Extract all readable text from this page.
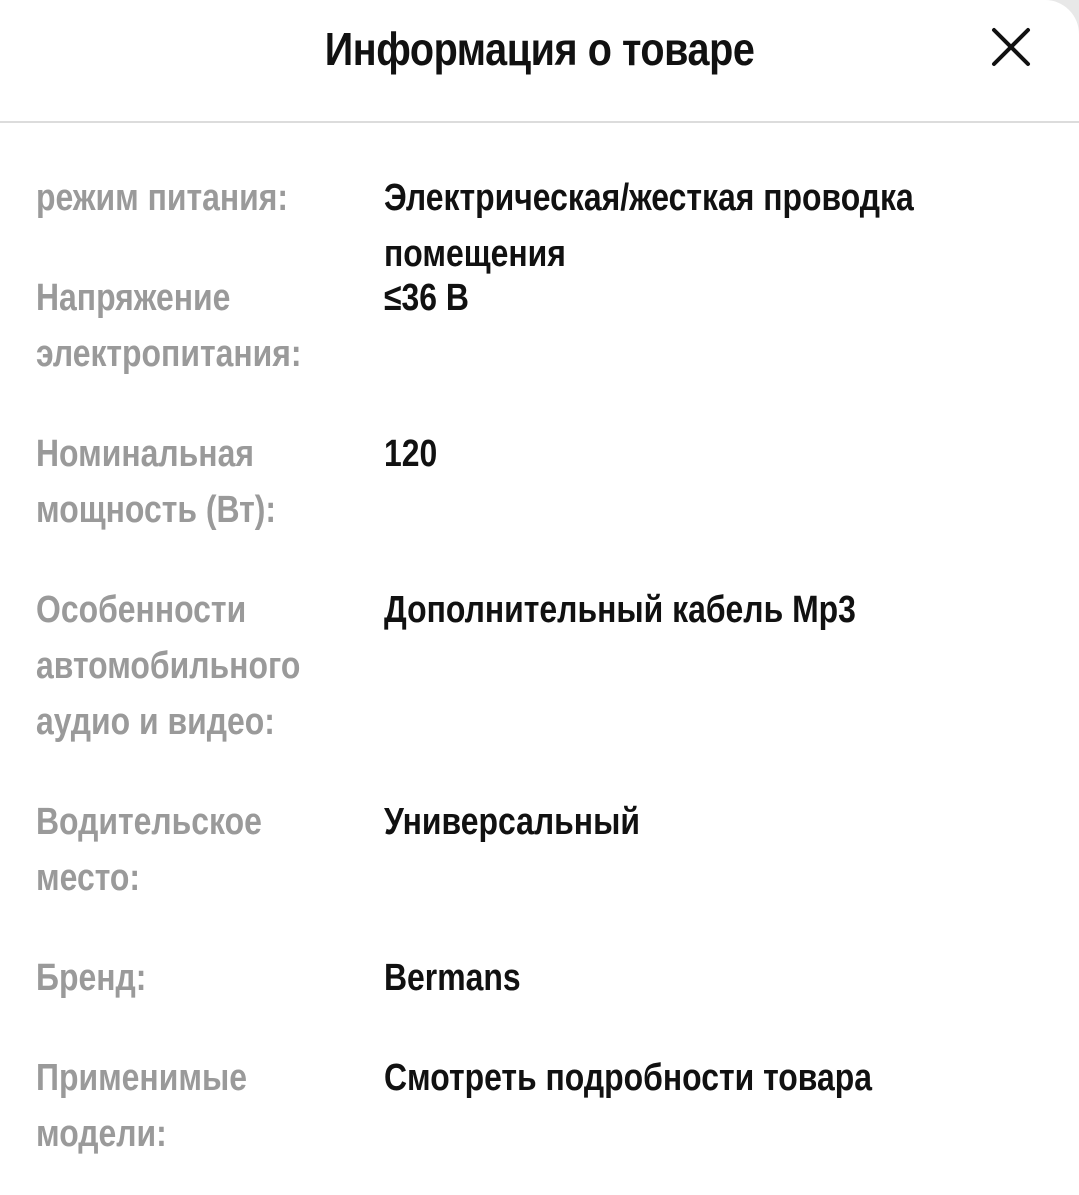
Информация о товаре
режим питания:	Электрическая/жесткая проводка помещения
Напряжение
электропитания:
≤36 В
Номинальная
мощность (Вт):
120
Особенности
автомобильного
аудио и видео:
Дополнительный кабель Mp3
Водительское
место:
Универсальный
Бренд:	Bermans
Применимые
модели:
Смотреть подробности товара
